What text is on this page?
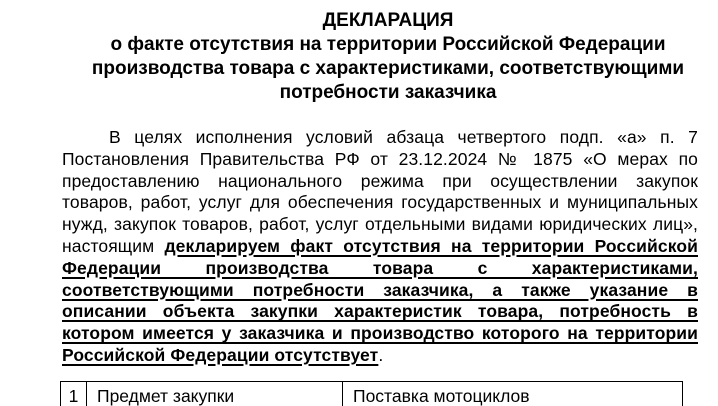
ДЕКЛАРАЦИЯ
о факте отсутствия на территории Российской Федерации
производства товара с характеристиками, соответствующими
потребности заказчика

В целях исполнения условий абзаца четвертого подп. «а» п. 7 Постановления Правительства РФ от 23.12.2024 № 1875 «О мерах по предоставлению национального режима при осуществлении закупок товаров, работ, услуг для обеспечения государственных и муниципальных нужд, закупок товаров, работ, услуг отдельными видами юридических лиц», настоящим декларируем факт отсутствия на территории Российской Федерации производства товара с характеристиками, соответствующими потребности заказчика, а также указание в описании объекта закупки характеристик товара, потребность в котором имеется у заказчика и производство которого на территории Российской Федерации отсутствует.

1	Предмет закупки	Поставка мотоциклов
